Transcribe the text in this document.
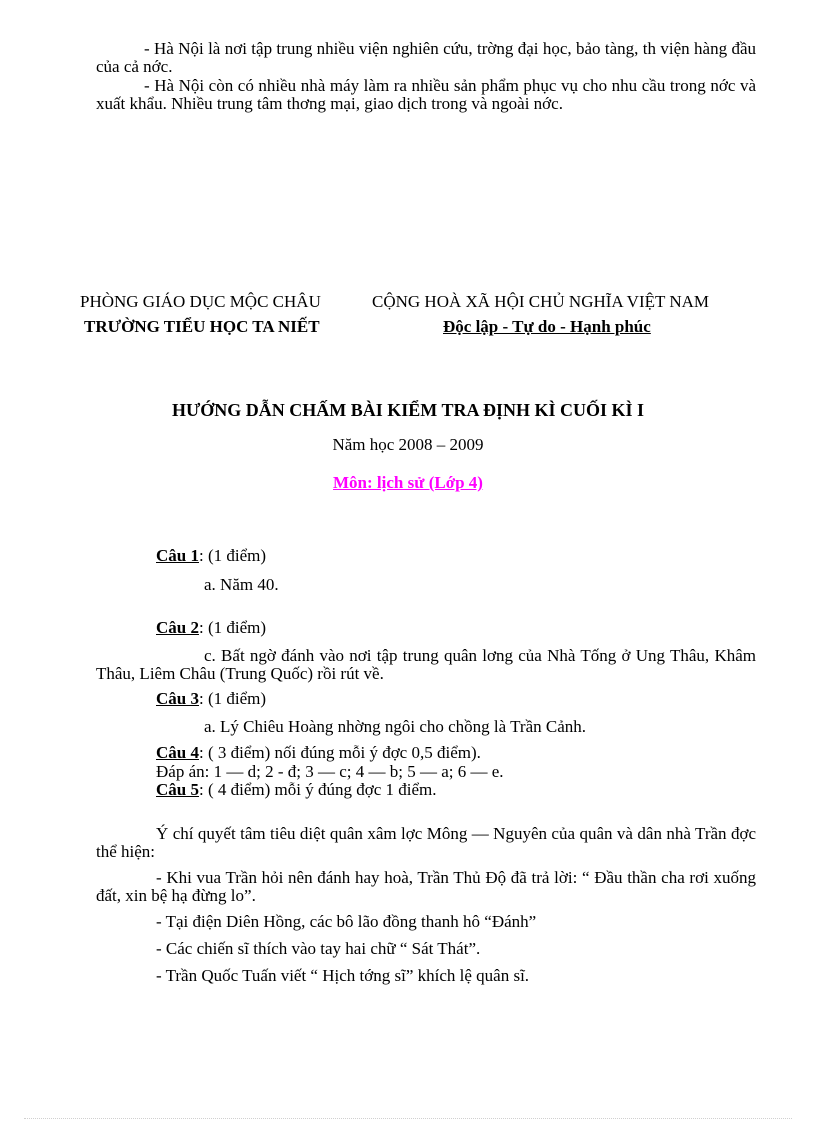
- Hà Nội là nơi tập trung nhiều viện nghiên cứu, trờng đại học, bảo tàng, th viện hàng đầu của cả nớc.
- Hà Nội còn có nhiều nhà máy làm ra nhiều sản phẩm phục vụ cho nhu cầu trong nớc và xuất khẩu. Nhiều trung tâm thơng mại, giao dịch trong và ngoài nớc.
PHÒNG GIÁO DỤC MỘC CHÂU
TRƯỜNG TIỂU HỌC TA NIẾT
CỘNG HOÀ XÃ HỘI CHỦ NGHĨA VIỆT NAM
Độc lập - Tự do - Hạnh phúc
HƯỚNG DẪN CHẤM BÀI KIỂM TRA ĐỊNH KÌ CUỐI KÌ I
Năm học 2008 – 2009
Môn: lịch sử (Lớp 4)
Câu 1: (1 điểm)
a. Năm 40.
Câu 2: (1 điểm)
c. Bất ngờ đánh vào nơi tập trung quân lơng của Nhà Tống ở Ung Thâu, Khâm Thâu, Liêm Châu (Trung Quốc) rồi rút về.
Câu 3: (1 điểm)
a. Lý Chiêu Hoàng nhờng ngôi cho chồng là Trần Cảnh.
Câu 4: ( 3 điểm) nối đúng mỗi ý đợc 0,5 điểm).
Đáp án: 1 — d; 2 - đ; 3 — c; 4 — b; 5 — a; 6 — e.
Câu 5: ( 4 điểm) mỗi ý đúng đợc 1 điểm.
Ý chí quyết tâm tiêu diệt quân xâm lợc Mông — Nguyên của quân và dân nhà Trần đợc thể hiện:
- Khi vua Trần hỏi nên đánh hay hoà, Trần Thủ Độ đã trả lời: “ Đầu thần cha rơi xuống đất, xin bệ hạ đừng lo”.
- Tại điện Diên Hồng, các bô lão đồng thanh hô “Đánh”
- Các chiến sĩ thích vào tay hai chữ “ Sát Thát”.
- Trần Quốc Tuấn viết “ Hịch tớng sĩ” khích lệ quân sĩ.
